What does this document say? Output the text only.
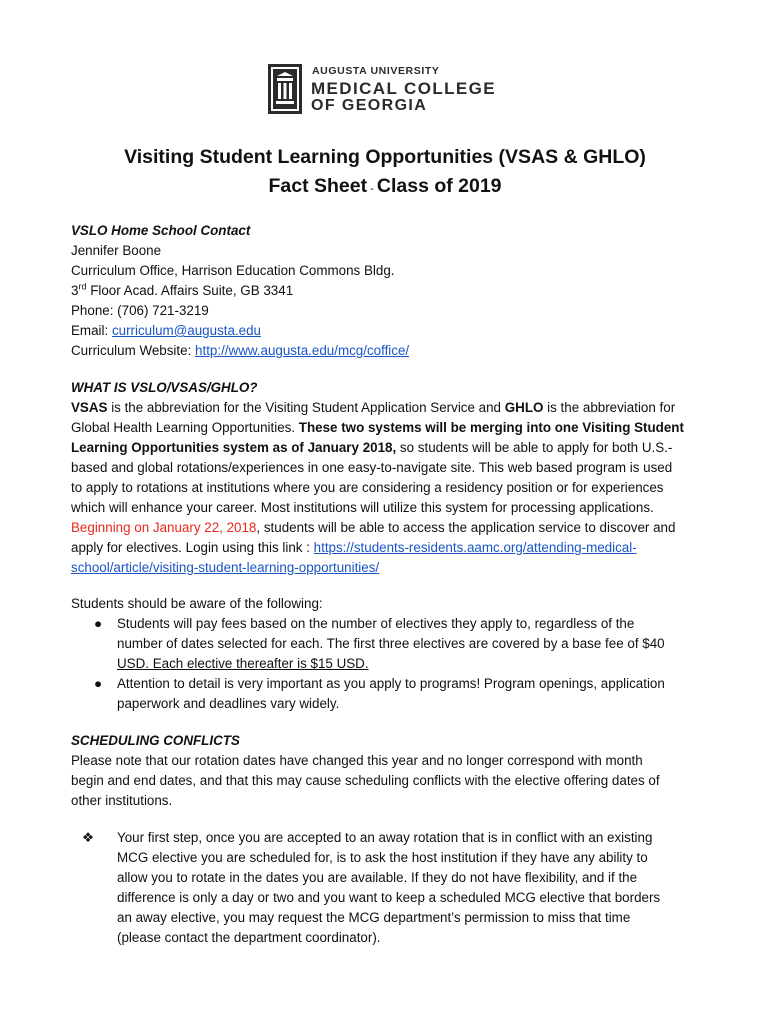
AUGUSTA UNIVERSITY
MEDICAL COLLEGE
OF GEORGIA
Visiting Student Learning Opportunities (VSAS & GHLO)
Fact Sheet - Class of 2019
VSLO Home School Contact
Jennifer Boone
Curriculum Office, Harrison Education Commons Bldg.
3rd Floor Acad. Affairs Suite, GB 3341
Phone: (706) 721-3219
Email: curriculum@augusta.edu
Curriculum Website: http://www.augusta.edu/mcg/coffice/
WHAT IS VSLO/VSAS/GHLO?
VSAS is the abbreviation for the Visiting Student Application Service and GHLO is the abbreviation for
Global Health Learning Opportunities. These two systems will be merging into one Visiting Student
Learning Opportunities system as of January 2018, so students will be able to apply for both U.S.-
based and global rotations/experiences in one easy-to-navigate site. This web based program is used
to apply to rotations at institutions where you are considering a residency position or for experiences
which will enhance your career. Most institutions will utilize this system for processing applications.
Beginning on January 22, 2018, students will be able to access the application service to discover and
apply for electives. Login using this link : https://students-residents.aamc.org/attending-medical-
school/article/visiting-student-learning-opportunities/
Students should be aware of the following:
● Students will pay fees based on the number of electives they apply to, regardless of the
number of dates selected for each. The first three electives are covered by a base fee of $40
USD. Each elective thereafter is $15 USD.
● Attention to detail is very important as you apply to programs! Program openings, application
paperwork and deadlines vary widely.
SCHEDULING CONFLICTS
Please note that our rotation dates have changed this year and no longer correspond with month
begin and end dates, and that this may cause scheduling conflicts with the elective offering dates of
other institutions.
❖ Your first step, once you are accepted to an away rotation that is in conflict with an existing
MCG elective you are scheduled for, is to ask the host institution if they have any ability to
allow you to rotate in the dates you are available. If they do not have flexibility, and if the
difference is only a day or two and you want to keep a scheduled MCG elective that borders
an away elective, you may request the MCG department’s permission to miss that time
(please contact the department coordinator).
